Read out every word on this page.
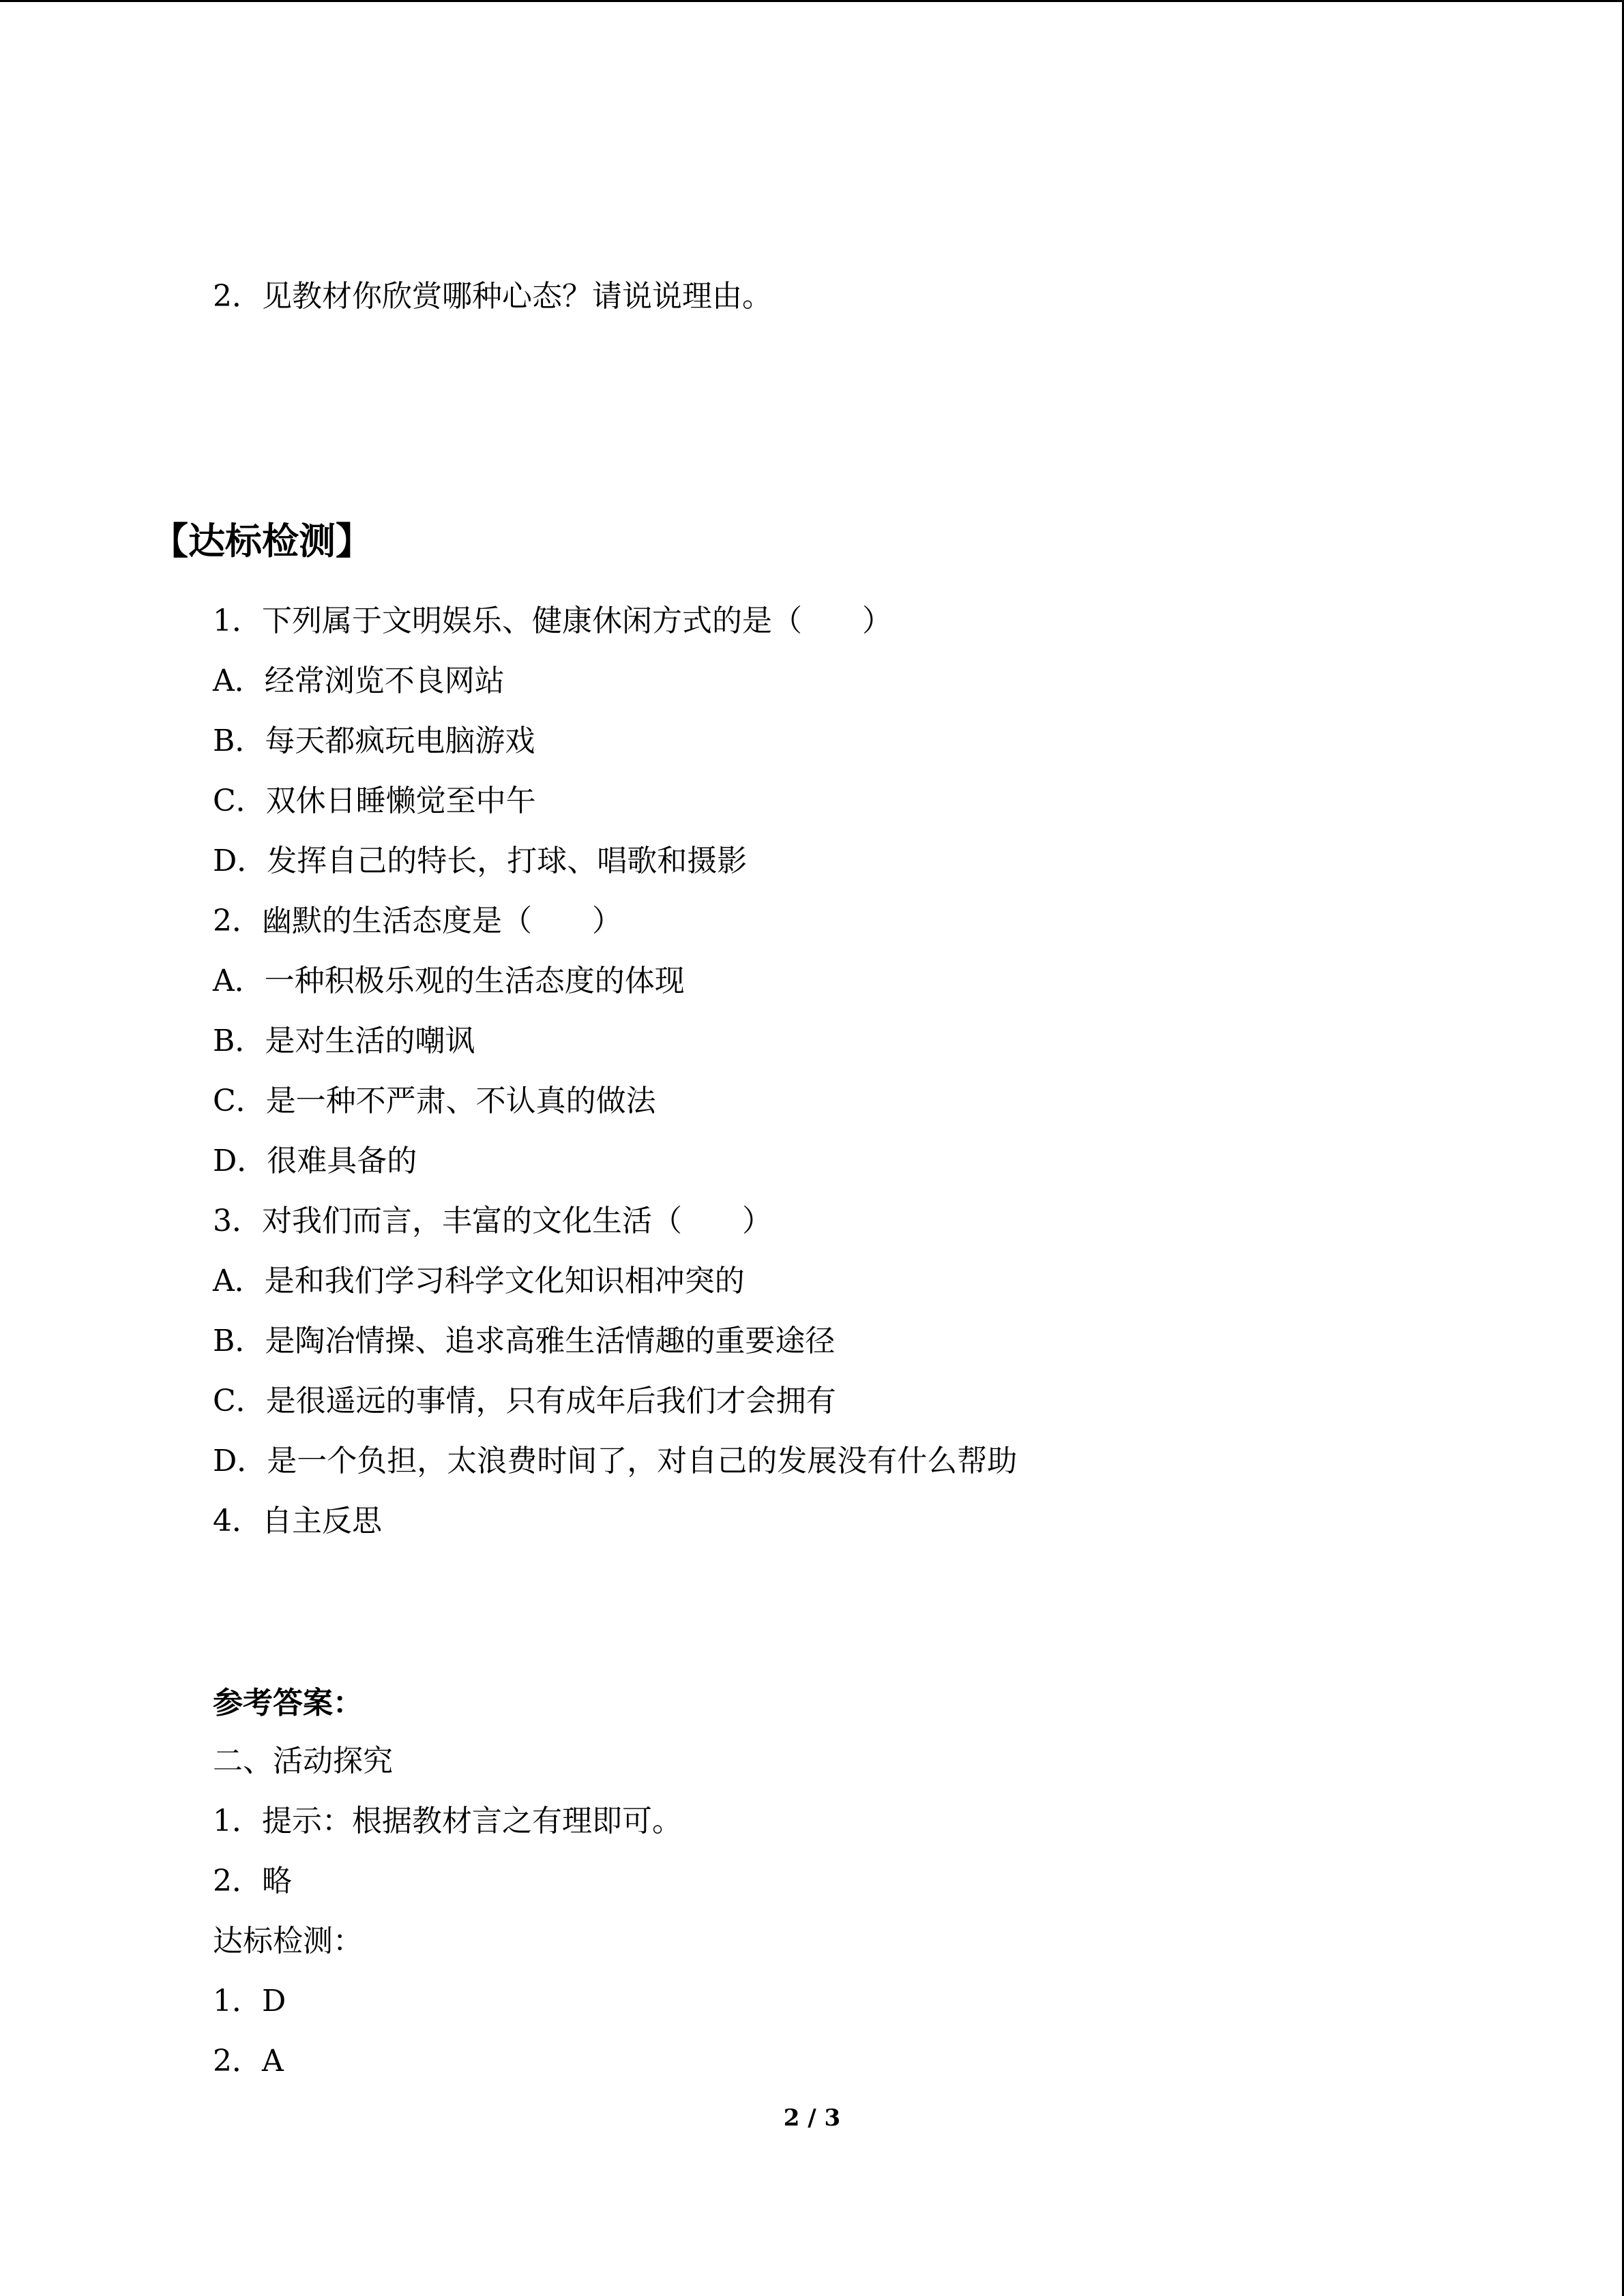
2．见教材你欣赏哪种心态？请说说理由。
【达标检测】
1．下列属于文明娱乐、健康休闲方式的是（　　）
A．经常浏览不良网站
B．每天都疯玩电脑游戏
C．双休日睡懒觉至中午
D．发挥自己的特长，打球、唱歌和摄影
2．幽默的生活态度是（　　）
A．一种积极乐观的生活态度的体现
B．是对生活的嘲讽
C．是一种不严肃、不认真的做法
D．很难具备的
3．对我们而言，丰富的文化生活（　　）
A．是和我们学习科学文化知识相冲突的
B．是陶冶情操、追求高雅生活情趣的重要途径
C．是很遥远的事情，只有成年后我们才会拥有
D．是一个负担，太浪费时间了，对自己的发展没有什么帮助
4．自主反思
参考答案：
二、活动探究
1．提示：根据教材言之有理即可。
2．略
达标检测：
1．D
2．A
2 / 3
